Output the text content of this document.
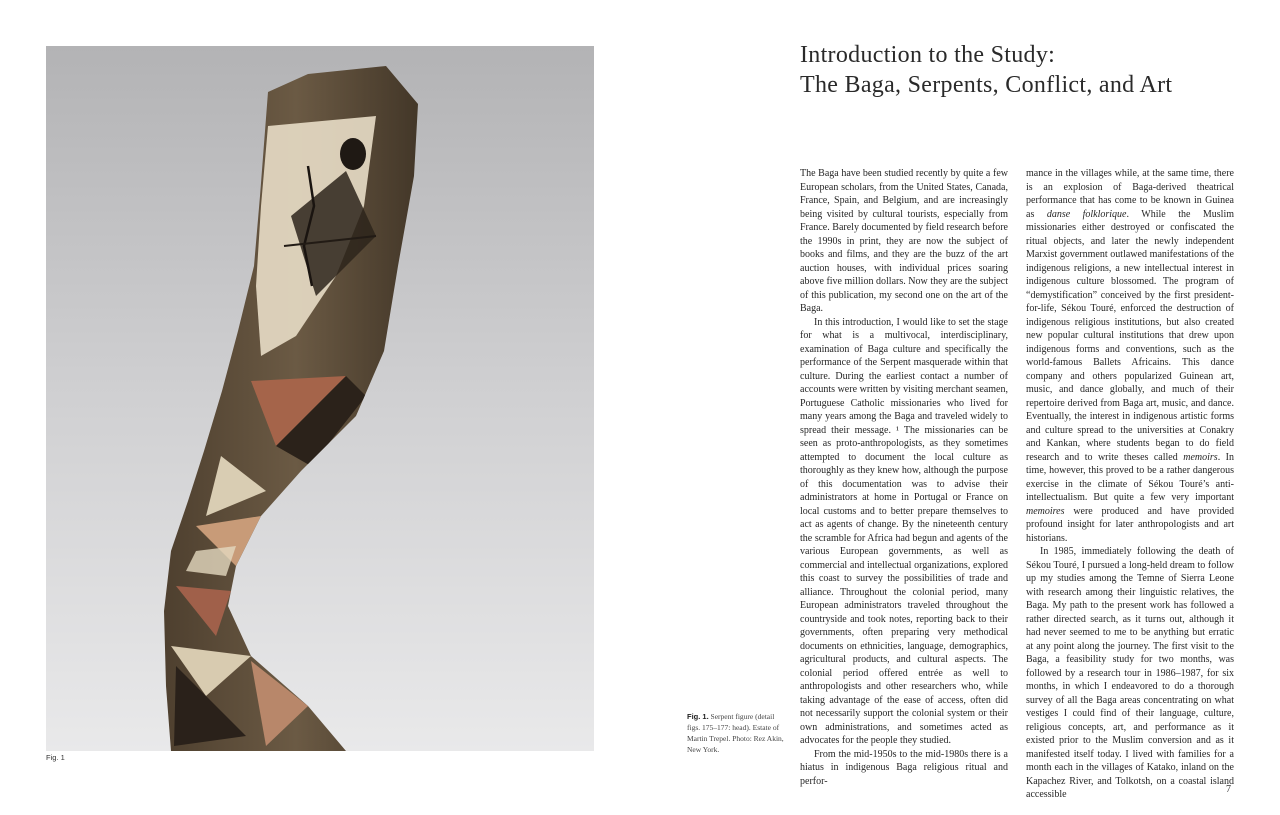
Fig. 1
Fig. 1. Serpent figure (detail figs. 175–177: head). Estate of Martin Trepel. Photo: Rez Akin, New York.
Introduction to the Study:
The Baga, Serpents, Conflict, and Art

The Baga have been studied recently by quite a few European scholars, from the United States, Canada, France, Spain, and Belgium, and are increasingly being visited by cultural tourists, especially from France. Barely documented by field research before the 1990s in print, they are now the subject of books and films, and they are the buzz of the art auction houses, with individual prices soaring above five million dollars. Now they are the subject of this publication, my second one on the art of the Baga.

In this introduction, I would like to set the stage for what is a multivocal, interdisciplinary, examination of Baga culture and specifically the performance of the Serpent masquerade within that culture. During the earliest contact a number of accounts were written by visiting merchant seamen, Portuguese Catholic missionaries who lived for many years among the Baga and traveled widely to spread their message. ¹ The missionaries can be seen as proto-anthropologists, as they sometimes attempted to document the local culture as thoroughly as they knew how, although the purpose of this documentation was to advise their administrators at home in Portugal or France on local customs and to better prepare themselves to act as agents of change. By the nineteenth century the scramble for Africa had begun and agents of the various European governments, as well as commercial and intellectual organizations, explored this coast to survey the possibilities of trade and alliance. Throughout the colonial period, many European administrators traveled throughout the countryside and took notes, reporting back to their governments, often preparing very methodical documents on ethnicities, language, demographics, agricultural products, and cultural aspects. The colonial period offered entrée as well to anthropologists and other researchers who, while taking advantage of the ease of access, often did not necessarily support the colonial system or their own administrations, and sometimes acted as advocates for the people they studied.

From the mid-1950s to the mid-1980s there is a hiatus in indigenous Baga religious ritual and perfor-

mance in the villages while, at the same time, there is an explosion of Baga-derived theatrical performance that has come to be known in Guinea as danse folklorique. While the Muslim missionaries either destroyed or confiscated the ritual objects, and later the newly independent Marxist government outlawed manifestations of the indigenous religions, a new intellectual interest in indigenous culture blossomed. The program of “demystification” conceived by the first president-for-life, Sékou Touré, enforced the destruction of indigenous religious institutions, but also created new popular cultural institutions that drew upon indigenous forms and conventions, such as the world-famous Ballets Africains. This dance company and others popularized Guinean art, music, and dance globally, and much of their repertoire derived from Baga art, music, and dance. Eventually, the interest in indigenous artistic forms and culture spread to the universities at Conakry and Kankan, where students began to do field research and to write theses called memoirs. In time, however, this proved to be a rather dangerous exercise in the climate of Sékou Touré’s anti-intellectualism. But quite a few very important memoires were produced and have provided profound insight for later anthropologists and art historians.

In 1985, immediately following the death of Sékou Touré, I pursued a long-held dream to follow up my studies among the Temne of Sierra Leone with research among their linguistic relatives, the Baga. My path to the present work has followed a rather directed search, as it turns out, although it had never seemed to me to be anything but erratic at any point along the journey. The first visit to the Baga, a feasibility study for two months, was followed by a research tour in 1986–1987, for six months, in which I endeavored to do a thorough survey of all the Baga areas concentrating on what vestiges I could find of their language, culture, religious concepts, art, and performance as it existed prior to the Muslim conversion and as it manifested itself today. I lived with families for a month each in the villages of Katako, inland on the Kapachez River, and Tolkotsh, on a coastal island accessible	7
